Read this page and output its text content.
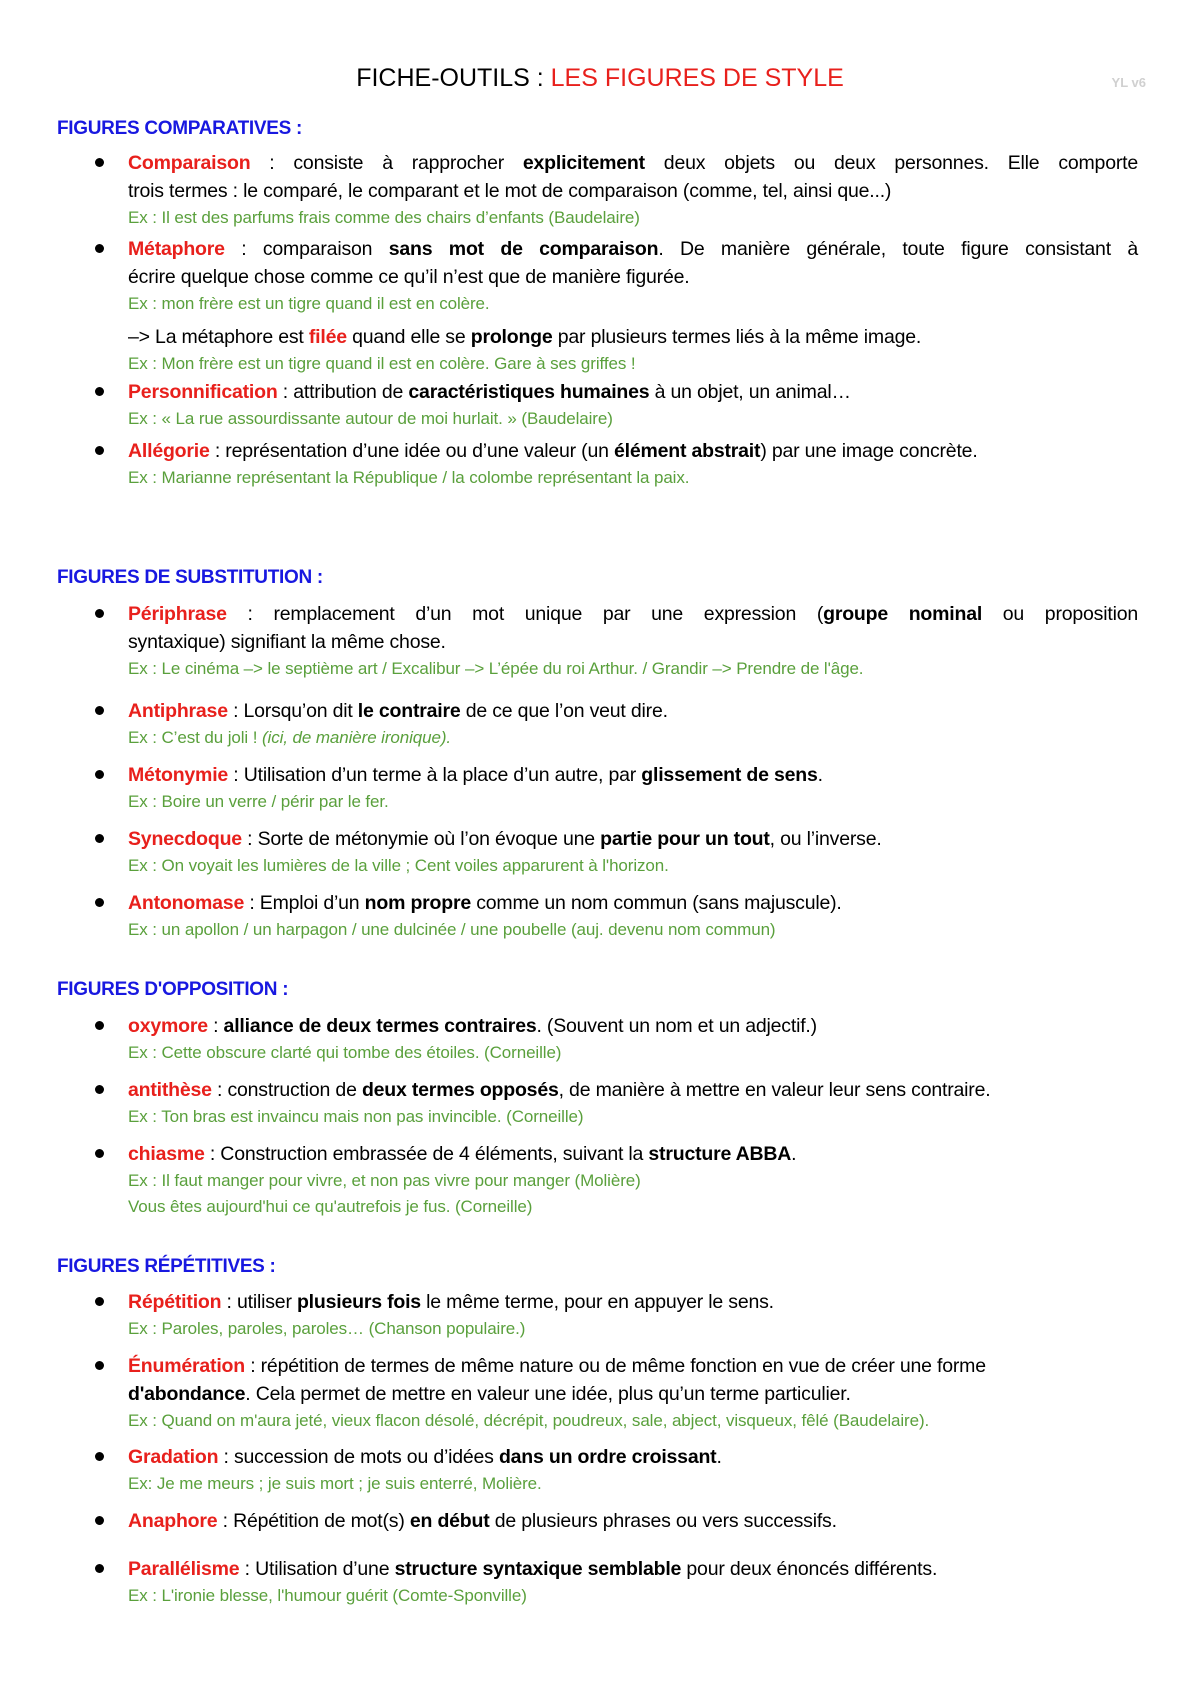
FICHE-OUTILS : LES FIGURES DE STYLE	YL v6
FIGURES COMPARATIVES :
Comparaison : consiste à rapprocher explicitement deux objets ou deux personnes. Elle comporte
trois termes : le comparé, le comparant et le mot de comparaison (comme, tel, ainsi que...)
Ex : Il est des parfums frais comme des chairs d’enfants (Baudelaire)
Métaphore : comparaison sans mot de comparaison. De manière générale, toute figure consistant à
écrire quelque chose comme ce qu’il n’est que de manière figurée.
Ex : mon frère est un tigre quand il est en colère.
–> La métaphore est filée quand elle se prolonge par plusieurs termes liés à la même image.
Ex : Mon frère est un tigre quand il est en colère. Gare à ses griffes !
Personnification : attribution de caractéristiques humaines à un objet, un animal…
Ex : « La rue assourdissante autour de moi hurlait. » (Baudelaire)
Allégorie : représentation d’une idée ou d’une valeur (un élément abstrait) par une image concrète.
Ex : Marianne représentant la République / la colombe représentant la paix.
FIGURES DE SUBSTITUTION :
Périphrase : remplacement d’un mot unique par une expression (groupe nominal ou proposition
syntaxique) signifiant la même chose.
Ex : Le cinéma –> le septième art / Excalibur –> L’épée du roi Arthur. / Grandir –> Prendre de l'âge.
Antiphrase : Lorsqu’on dit le contraire de ce que l’on veut dire.
Ex : C’est du joli ! (ici, de manière ironique).
Métonymie : Utilisation d’un terme à la place d’un autre, par glissement de sens.
Ex : Boire un verre / périr par le fer.
Synecdoque : Sorte de métonymie où l’on évoque une partie pour un tout, ou l’inverse.
Ex : On voyait les lumières de la ville ; Cent voiles apparurent à l'horizon.
Antonomase : Emploi d’un nom propre comme un nom commun (sans majuscule).
Ex : un apollon / un harpagon / une dulcinée / une poubelle (auj. devenu nom commun)
FIGURES D'OPPOSITION :
oxymore : alliance de deux termes contraires. (Souvent un nom et un adjectif.)
Ex : Cette obscure clarté qui tombe des étoiles. (Corneille)
antithèse : construction de deux termes opposés, de manière à mettre en valeur leur sens contraire.
Ex : Ton bras est invaincu mais non pas invincible. (Corneille)
chiasme : Construction embrassée de 4 éléments, suivant la structure ABBA.
Ex : Il faut manger pour vivre, et non pas vivre pour manger (Molière)
Vous êtes aujourd'hui ce qu'autrefois je fus. (Corneille)
FIGURES RÉPÉTITIVES :
Répétition : utiliser plusieurs fois le même terme, pour en appuyer le sens.
Ex : Paroles, paroles, paroles… (Chanson populaire.)
Énumération : répétition de termes de même nature ou de même fonction en vue de créer une forme
d'abondance. Cela permet de mettre en valeur une idée, plus qu’un terme particulier.
Ex : Quand on m'aura jeté, vieux flacon désolé, décrépit, poudreux, sale, abject, visqueux, fêlé (Baudelaire).
Gradation : succession de mots ou d’idées dans un ordre croissant.
Ex: Je me meurs ; je suis mort ; je suis enterré, Molière.
Anaphore : Répétition de mot(s) en début de plusieurs phrases ou vers successifs.
Parallélisme : Utilisation d’une structure syntaxique semblable pour deux énoncés différents.
Ex : L'ironie blesse, l'humour guérit (Comte-Sponville)
